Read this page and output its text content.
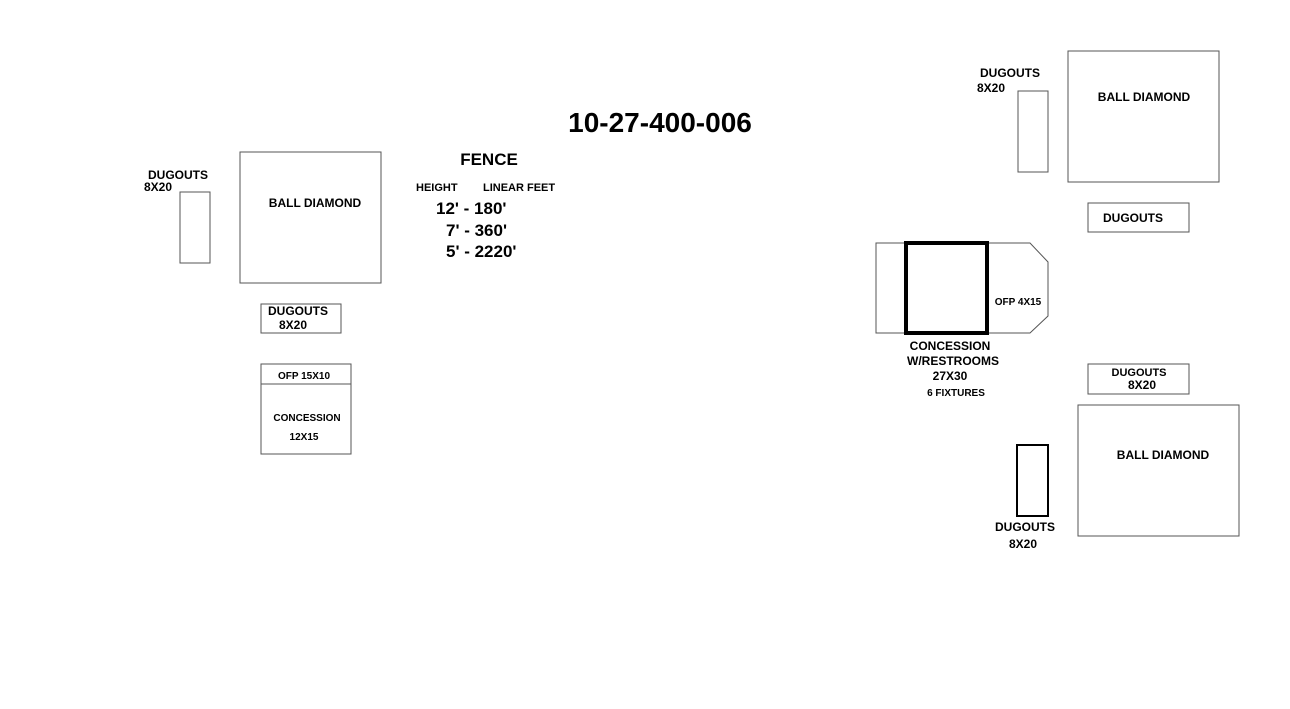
10-27-400-006
FENCE
HEIGHT LINEAR FEET
12' - 180'
7' - 360'
5' - 2220'
DUGOUTS
8X20
BALL DIAMOND
DUGOUTS
8X20
OFP 15X10
CONCESSION
12X15
DUGOUTS
8X20
BALL DIAMOND
DUGOUTS
OFP 4X15
CONCESSION
W/RESTROOMS
27X30
6 FIXTURES
DUGOUTS
8X20
BALL DIAMOND
DUGOUTS
8X20
